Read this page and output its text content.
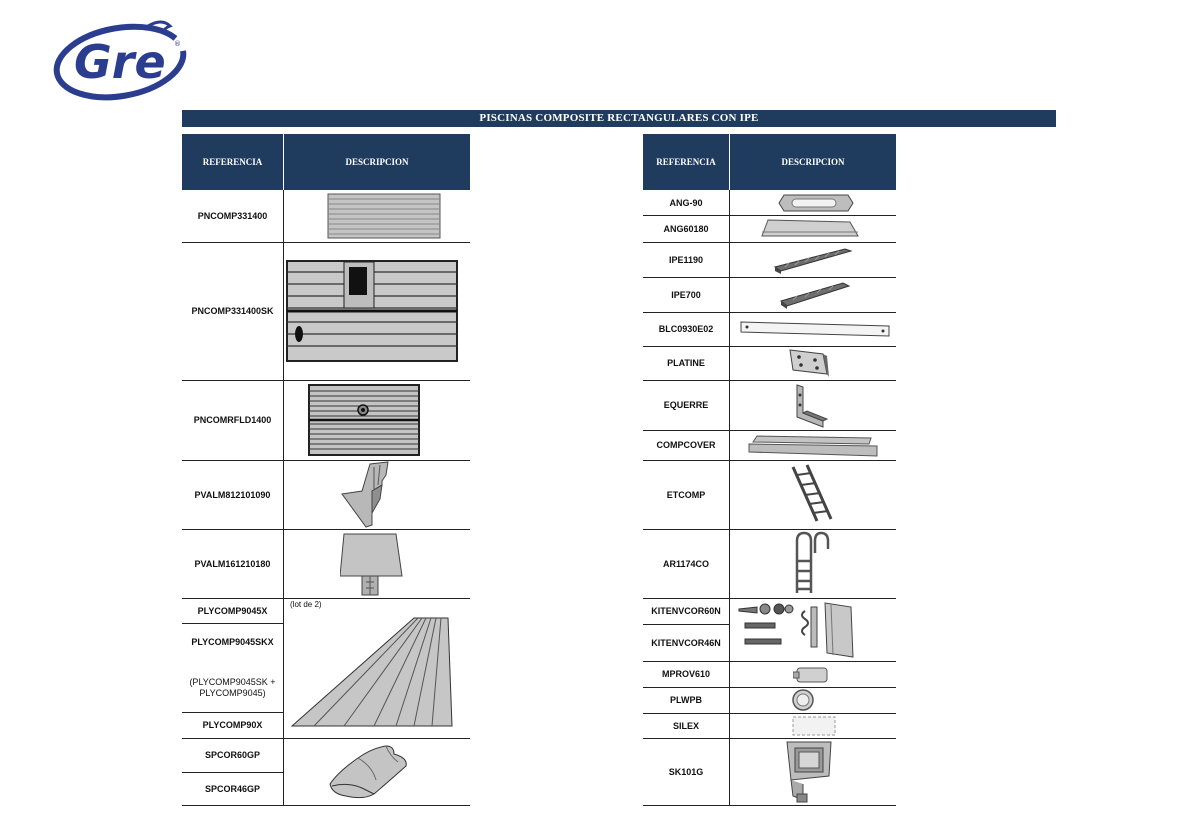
Gre ®
PISCINAS COMPOSITE RECTANGULARES CON IPE
REFERENCIA	DESCRIPCION
PNCOMP331400
PNCOMP331400SK
PNCOMRFLD1400
PVALM812101090
PVALM161210180
PLYCOMP9045X
PLYCOMP9045SKX
(PLYCOMP9045SK +
PLYCOMP9045)
PLYCOMP90X
SPCOR60GP
SPCOR46GP
(lot de 2)
REFERENCIA	DESCRIPCION
ANG-90
ANG60180
IPE1190
IPE700
BLC0930E02
PLATINE
EQUERRE
COMPCOVER
ETCOMP
AR1174CO
KITENVCOR60N
KITENVCOR46N
MPROV610
PLWPB
SILEX
SK101G
